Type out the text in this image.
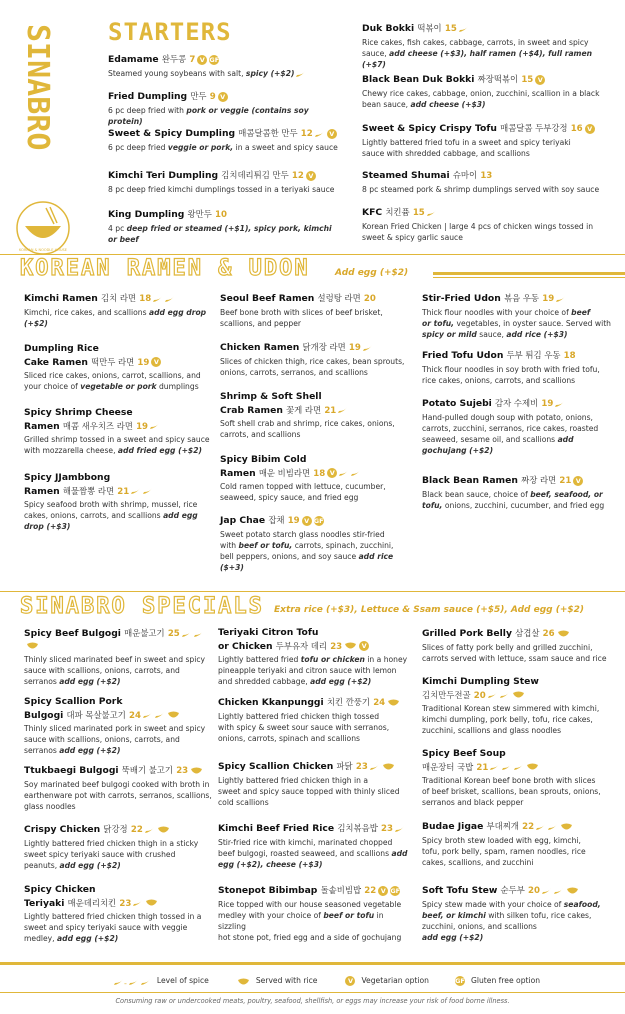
SINABRO
KOREAN & NOODLE HOUSE
STARTERS
Edamame 완두콩 7 V GF
Steamed young soybeans with salt, spicy (+$2)
Fried Dumpling 만두 9 V
6 pc deep fried with pork or veggie (contains soy protein)
Sweet & Spicy Dumpling 매콤달콤한 만두 12	V
6 pc deep fried veggie or pork, in a sweet and spicy sauce
Kimchi Teri Dumpling 김치데리튀김 만두 12 V
8 pc deep fried kimchi dumplings tossed in a teriyaki sauce
King Dumpling 왕만두 10
4 pc deep fried or steamed (+$1), spicy pork, kimchi or beef
Duk Bokki 떡볶이 15
Rice cakes, fish cakes, cabbage, carrots, in sweet and spicy
sauce, add cheese (+$3), half ramen (+$4), full ramen (+$7)
Black Bean Duk Bokki 짜장떡볶이 15 V
Chewy rice cakes, cabbage, onion, zucchini, scallion in a black
bean sauce, add cheese (+$3)
Sweet & Spicy Crispy Tofu 매콤달콤 두부강정 16 V
Lightly battered fried tofu in a sweet and spicy teriyaki
sauce with shredded cabbage, and scallions
Steamed Shumai 슈마이 13
8 pc steamed pork & shrimp dumplings served with soy sauce
KFC 치킨퓸 15
Korean Fried Chicken | large 4 pcs of chicken wings tossed in
sweet & spicy garlic sauce
KOREAN RAMEN & UDON	Add egg (+$2)
Kimchi Ramen 김치 라면 18
Kimchi, rice cakes, and scallions add egg drop (+$2)
Dumpling Rice
Cake Ramen 떡만두 라면 19 V
Sliced rice cakes, onions, carrot, scallions, and
your choice of vegetable or pork dumplings
Spicy Shrimp Cheese
Ramen 매콤 새우치즈 라면 19
Grilled shrimp tossed in a sweet and spicy sauce
with mozzarella cheese, add fried egg (+$2)
Spicy JJambbong
Ramen 해물짬뽕 라면 21
Spicy seafood broth with shrimp, mussel, rice
cakes, onions, carrots, and scallions add egg drop (+$3)
Seoul Beef Ramen 설렁탕 라면 20
Beef bone broth with slices of beef brisket,
scallions, and pepper
Chicken Ramen 닭개장 라면 19
Slices of chicken thigh, rice cakes, bean sprouts,
onions, carrots, serranos, and scallions
Shrimp & Soft Shell
Crab Ramen 꽃게 라면 21
Soft shell crab and shrimp, rice cakes, onions,
carrots, and scallions
Spicy Bibim Cold
Ramen 매운 비빔라면 18 V
Cold ramen topped with lettuce, cucumber,
seaweed, spicy sauce, and fried egg
Jap Chae 잡채 19 V GF
Sweet potato starch glass noodles stir-fried
with beef or tofu, carrots, spinach, zucchini,
bell peppers, onions, and soy sauce add rice ($+3)
Stir-Fried Udon 볶음 우동 19
Thick flour noodles with your choice of beef
or tofu, vegetables, in oyster sauce. Served with
spicy or mild sauce, add rice (+$3)
Fried Tofu Udon 두부 튀김 우동 18
Thick flour noodles in soy broth with fried tofu,
rice cakes, onions, carrots, and scallions
Potato Sujebi 감자 수제비 19
Hand-pulled dough soup with potato, onions,
carrots, zucchini, serranos, rice cakes, roasted
seaweed, sesame oil, and scallions add gochujang (+$2)
Black Bean Ramen 짜장 라면 21 V
Black bean sauce, choice of beef, seafood, or
tofu, onions, zucchini, cucumber, and fried egg
SINABRO SPECIALS Extra rice (+$3), Lettuce & Ssam sauce (+$5), Add egg (+$2)
Spicy Beef Bulgogi 매운불고기 25
Thinly sliced marinated beef in sweet and spicy
sauce with scallions, onions, carrots, and serranos add egg (+$2)
Spicy Scallion Pork
Bulgogi 대파 목살불고기 24
Thinly sliced marinated pork in sweet and spicy
sauce with scallions, onions, carrots, and serranos add egg (+$2)
Ttukbaegi Bulgogi 뚝배기 불고기 23
Soy marinated beef bulgogi cooked with broth in
earthenware pot with carrots, serranos, scallions,
glass noodles
Crispy Chicken 닭강정 22
Lightly battered fried chicken thigh in a sticky
sweet spicy teriyaki sauce with crushed
peanuts, add egg (+$2)
Spicy Chicken
Teriyaki 매운데리치킨 23
Lightly battered fried chicken thigh tossed in a
sweet and spicy teriyaki sauce with veggie
medley, add egg (+$2)
Teriyaki Citron Tofu
or Chicken 두부유자 데리 23	V
Lightly battered fried tofu or chicken in a honey
pineapple teriyaki and citron sauce with lemon
and shredded cabbage, add egg (+$2)
Chicken Kkanpunggi 치킨 깐풍기 24
Lightly battered fried chicken thigh tossed
with spicy & sweet sour sauce with serranos,
onions, carrots, spinach and scallions
Spicy Scallion Chicken 파닭 23
Lightly battered fried chicken thigh in a
sweet and spicy sauce topped with thinly sliced
cold scallions
Kimchi Beef Fried Rice 김치볶음밥 23
Stir-fried rice with kimchi, marinated chopped
beef bulgogi, roasted seaweed, and scallions add egg (+$2), cheese (+$3)
Stonepot Bibimbap 돌솥비빔밥 22 V GF
Rice topped with our house seasoned vegetable
medley with your choice of beef or tofu in sizzling
hot stone pot, fried egg and a side of gochujang
Grilled Pork Belly 삼겹살 26
Slices of fatty pork belly and grilled zucchini,
carrots served with lettuce, ssam sauce and rice
Kimchi Dumpling Stew
김치만두전골 20
Traditional Korean stew simmered with kimchi,
kimchi dumpling, pork belly, tofu, rice cakes,
zucchini, scallions and glass noodles
Spicy Beef Soup
매운장터 국밥 21
Traditional Korean beef bone broth with slices
of beef brisket, scallions, bean sprouts, onions,
serranos and black pepper
Budae Jigae 부대찌개 22
Spicy broth stew loaded with egg, kimchi,
tofu, pork belly, spam, ramen noodles, rice
cakes, scallions, and zucchini
Soft Tofu Stew 순두부 20
Spicy stew made with your choice of seafood,
beef, or kimchi with silken tofu, rice cakes,
zucchini, onions, and scallions
add egg (+$2)
-	Level of spice	Served with rice	V	Vegetarian option	GF Gluten free option
Consuming raw or undercooked meats, poultry, seafood, shellfish, or eggs may increase your risk of food borne illness.
